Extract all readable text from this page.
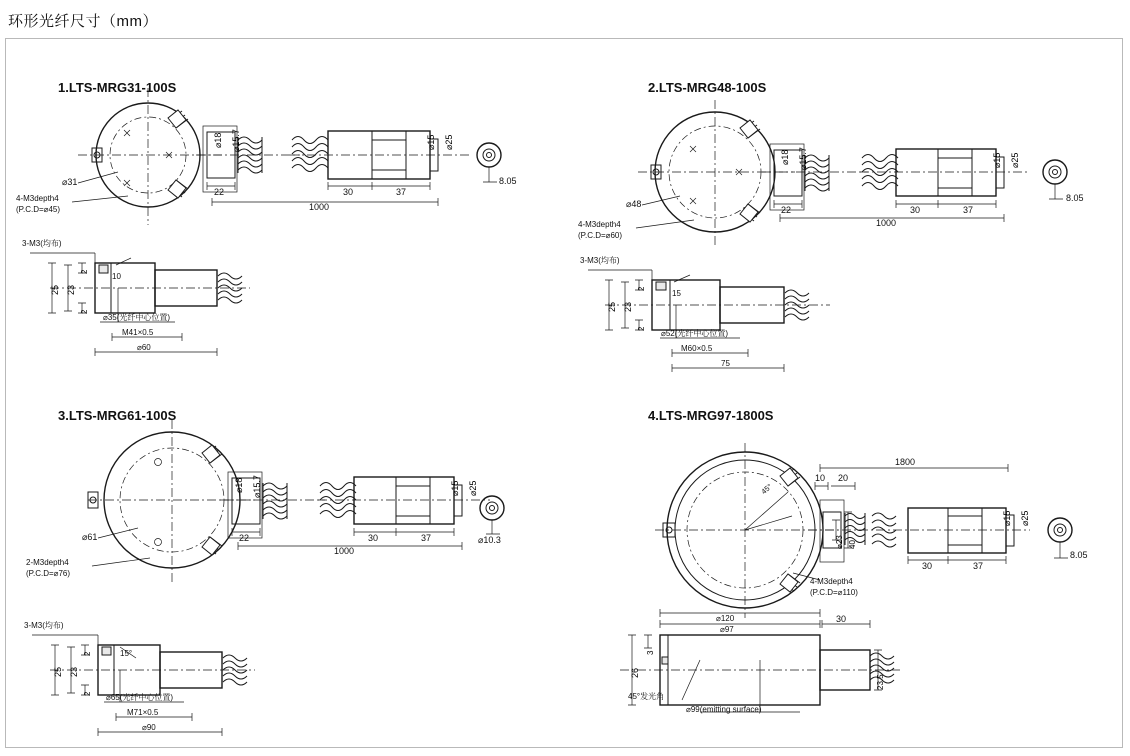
环形光纤尺寸（mm）
1.LTS-MRG31-100S
⌀18 ⌀15.7
⌀31
22	30	37
1000
⌀15 ⌀25
8.05
4-M3depth4
(P.C.D=⌀45)
3-M3(均布)
25 23
2
2
10
⌀35(光纤中心位置)
M41×0.5
⌀60
2.LTS-MRG48-100S
⌀18 ⌀15.7
⌀48
22	30	37
1000
⌀15 ⌀25
8.05
4-M3depth4
(P.C.D=⌀60)
3-M3(均布)
25 23
2
2
15
⌀52(光纤中心位置)
M60×0.5
75
3.LTS-MRG61-100S
⌀18 ⌀15.7
⌀61	22	30	37
1000
⌀15 ⌀25
⌀10.3
2-M3depth4
(P.C.D=⌀76)
3-M3(均布)
25 23
2
2
15°
⌀65(光纤中心位置)
M71×0.5
⌀90
4.LTS-MRG97-1800S
1800
10 20
⌀23 40
45°
4-M3depth4
(P.C.D=⌀110)
30	37
⌀15 ⌀25
8.05
⌀120
⌀97
30
26
3
23.5
45°发光角
⌀99(emitting surface)
